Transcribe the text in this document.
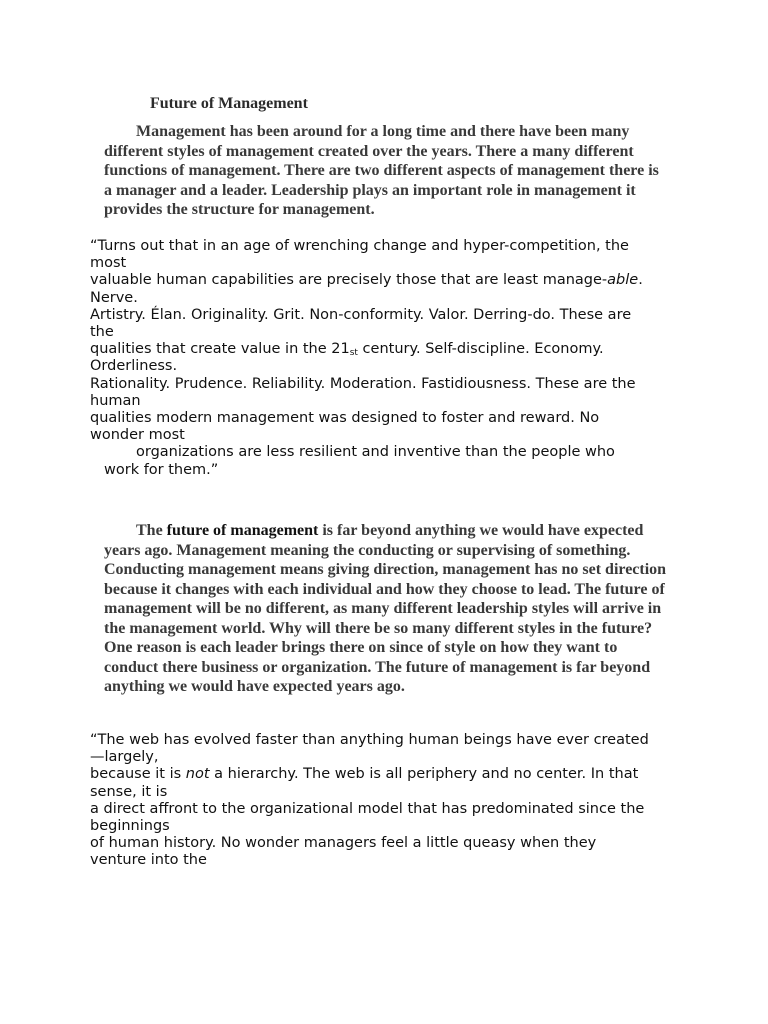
Future of Management

Management has been around for a long time and there have been many different styles of management created over the years. There a many different functions of management. There are two different aspects of management there is a manager and a leader. Leadership plays an important role in management it provides the structure for management.

“Turns out that in an age of wrenching change and hyper-competition, the
most
valuable human capabilities are precisely those that are least manage-able.
Nerve.
Artistry. Élan. Originality. Grit. Non-conformity. Valor. Derring-do. These are
the
qualities that create value in the $21_{st}$ century. Self-discipline. Economy.
Orderliness.
Rationality. Prudence. Reliability. Moderation. Fastidiousness. These are the
human
qualities modern management was designed to foster and reward. No
wonder most
organizations are less resilient and inventive than the people who
work for them.”

The future of management is far beyond anything we would have expected years ago. Management meaning the conducting or supervising of something. Conducting management means giving direction, management has no set direction because it changes with each individual and how they choose to lead. The future of management will be no different, as many different leadership styles will arrive in the management world. Why will there be so many different styles in the future? One reason is each leader brings there on since of style on how they want to conduct there business or organization. The future of management is far beyond anything we would have expected years ago.

“The web has evolved faster than anything human beings have ever created
—largely,
because it is not a hierarchy. The web is all periphery and no center. In that
sense, it is
a direct affront to the organizational model that has predominated since the
beginnings
of human history. No wonder managers feel a little queasy when they
venture into the
